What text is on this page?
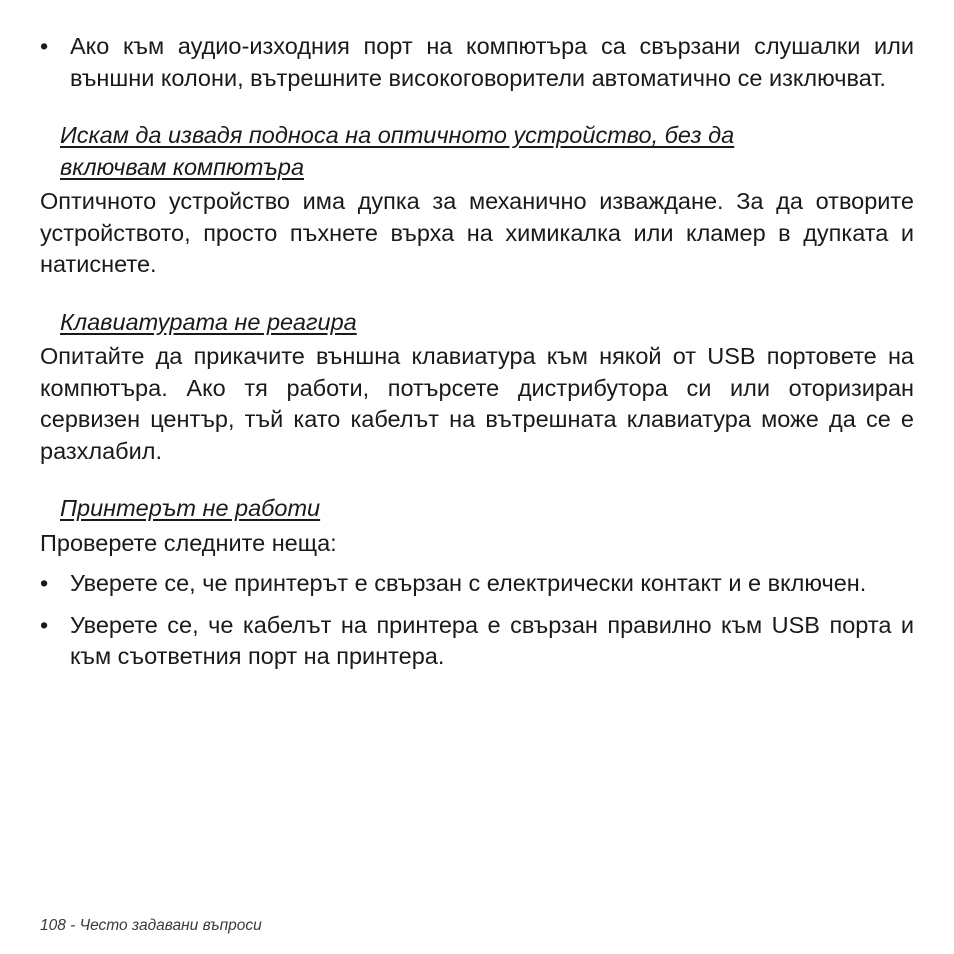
• Ако към аудио-изходния порт на компютъра са свързани слушалки или външни колони, вътрешните високоговорители автоматично се изключват.
Искам да извадя подноса на оптичното устройство, без да включвам компютъра
Оптичното устройство има дупка за механично изваждане. За да отворите устройството, просто пъхнете върха на химикалка или кламер в дупката и натиснете.
Клавиатурата не реагира
Опитайте да прикачите външна клавиатура към някой от USB портовете на компютъра. Ако тя работи, потърсете дистрибутора си или оторизиран сервизен център, тъй като кабелът на вътрешната клавиатура може да се е разхлабил.
Принтерът не работи
Проверете следните неща:
• Уверете се, че принтерът е свързан с електрически контакт и е включен.
• Уверете се, че кабелът на принтера е свързан правилно към USB порта и към съответния порт на принтера.
108 - Често задавани въпроси
